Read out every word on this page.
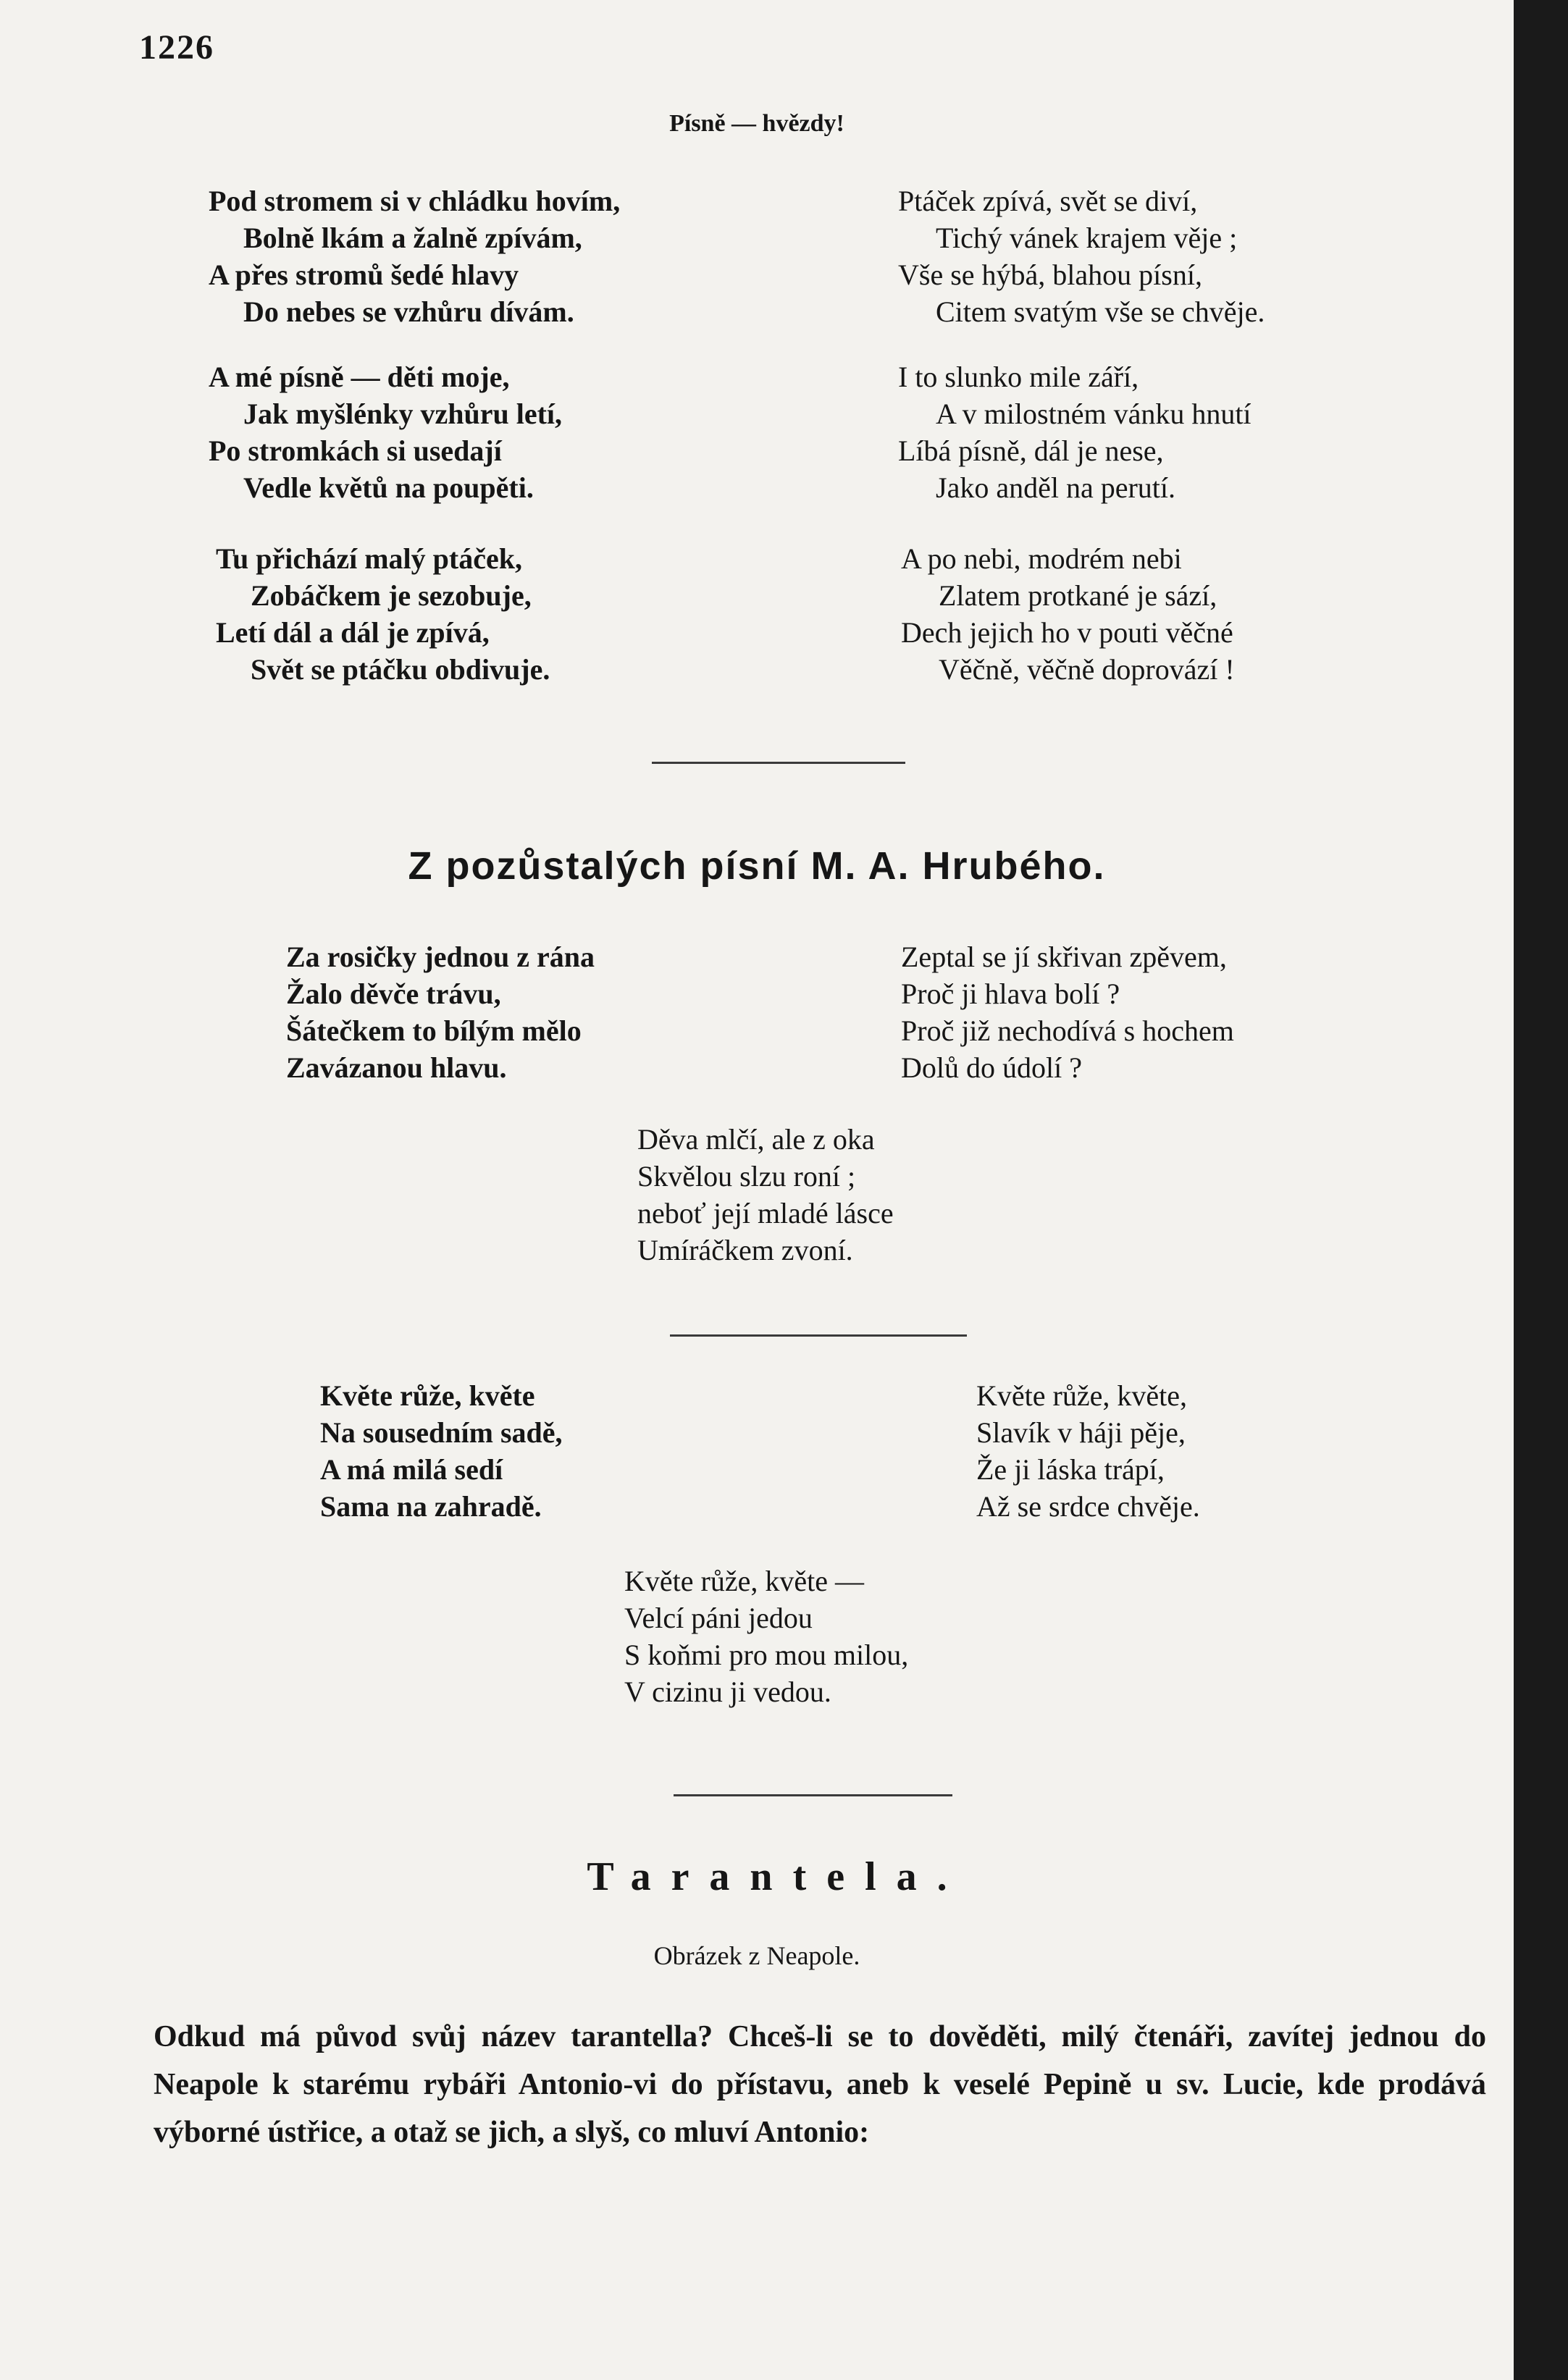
1226
Písně — hvězdy!
Pod stromem si v chládku hovím,
Bolně lkám a žalně zpívám,
A přes stromů šedé hlavy
Do nebes se vzhůru dívám.
A mé písně — děti moje,
Jak myšlénky vzhůru letí,
Po stromkách si usedají
Vedle květů na poupěti.
Tu přichází malý ptáček,
Zobáčkem je sezobuje,
Letí dál a dál je zpívá,
Svět se ptáčku obdivuje.
Ptáček zpívá, svět se diví,
Tichý vánek krajem věje ;
Vše se hýbá, blahou písní,
Citem svatým vše se chvěje.
I to slunko mile září,
A v milostném vánku hnutí
Líbá písně, dál je nese,
Jako anděl na perutí.
A po nebi, modrém nebi
Zlatem protkané je sází,
Dech jejich ho v pouti věčné
Věčně, věčně doprovází !
Z pozůstalých písní M. A. Hrubého.
Za rosičky jednou z rána
Žalo děvče trávu,
Šátečkem to bílým mělo
Zavázanou hlavu.
Zeptal se jí skřivan zpěvem,
Proč ji hlava bolí ?
Proč již nechodívá s hochem
Dolů do údolí ?
Děva mlčí, ale z oka
Skvělou slzu roní ;
neboť její mladé lásce
Umíráčkem zvoní.
Květe růže, květe
Na sousedním sadě,
A má milá sedí
Sama na zahradě.
Květe růže, květe,
Slavík v háji pěje,
Že ji láska trápí,
Až se srdce chvěje.
Květe růže, květe —
Velcí páni jedou
S koňmi pro mou milou,
V cizinu ji vedou.
Tarantela.
Obrázek z Neapole.
Odkud má původ svůj název tarantella? Chceš-li se to dověděti, milý čtenáři, zavítej jednou do Neapole k starému rybáři Antonio-vi do přístavu, aneb k veselé Pepině u sv. Lucie, kde prodává výborné ústřice, a otaž se jich, a slyš, co mluví Antonio:
